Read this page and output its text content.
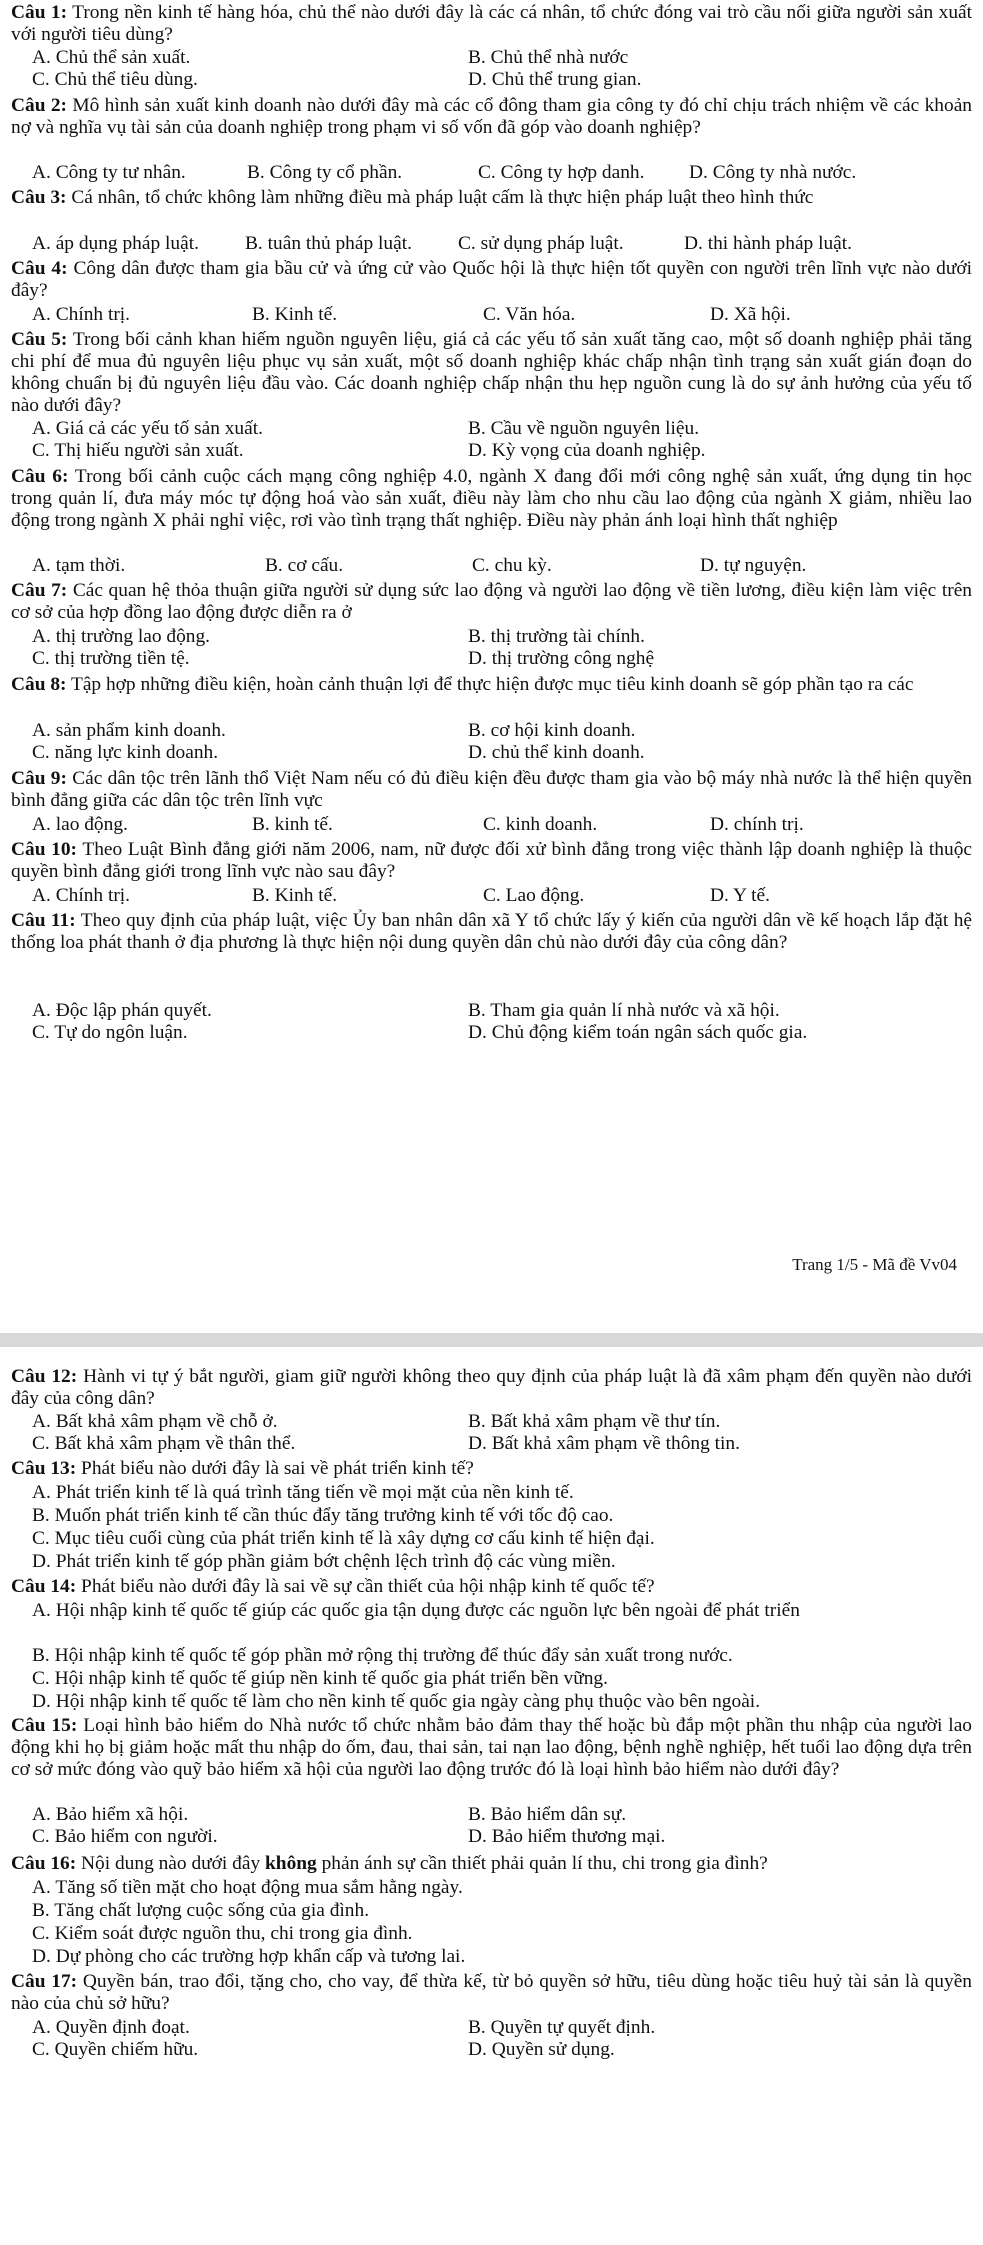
Câu 1: Trong nền kinh tế hàng hóa, chủ thể nào dưới đây là các cá nhân, tổ chức đóng vai trò cầu nối giữa người sản xuất với người tiêu dùng?
A. Chủ thể sản xuất.	B. Chủ thể nhà nước
C. Chủ thể tiêu dùng.	D. Chủ thể trung gian.
Câu 2: Mô hình sản xuất kinh doanh nào dưới đây mà các cổ đông tham gia công ty đó chỉ chịu trách nhiệm về các khoản nợ và nghĩa vụ tài sản của doanh nghiệp trong phạm vi số vốn đã góp vào doanh nghiệp?
A. Công ty tư nhân.	B. Công ty cổ phần.	C. Công ty hợp danh. D. Công ty nhà nước.
Câu 3: Cá nhân, tổ chức không làm những điều mà pháp luật cấm là thực hiện pháp luật theo hình thức
A. áp dụng pháp luật. B. tuân thủ pháp luật. C. sử dụng pháp luật.	D. thi hành pháp luật.
Câu 4: Công dân được tham gia bầu cử và ứng cử vào Quốc hội là thực hiện tốt quyền con người trên lĩnh vực nào dưới đây?
A. Chính trị.	B. Kinh tế.	C. Văn hóa.	D. Xã hội.
Câu 5: Trong bối cảnh khan hiếm nguồn nguyên liệu, giá cả các yếu tố sản xuất tăng cao, một số doanh nghiệp phải tăng chi phí để mua đủ nguyên liệu phục vụ sản xuất, một số doanh nghiệp khác chấp nhận tình trạng sản xuất gián đoạn do không chuẩn bị đủ nguyên liệu đầu vào. Các doanh nghiệp chấp nhận thu hẹp nguồn cung là do sự ảnh hưởng của yếu tố nào dưới đây?
A. Giá cả các yếu tố sản xuất.	B. Cầu về nguồn nguyên liệu.
C. Thị hiếu người sản xuất.	D. Kỳ vọng của doanh nghiệp.
Câu 6: Trong bối cảnh cuộc cách mạng công nghiệp 4.0, ngành X đang đổi mới công nghệ sản xuất, ứng dụng tin học trong quản lí, đưa máy móc tự động hoá vào sản xuất, điều này làm cho nhu cầu lao động của ngành X giảm, nhiều lao động trong ngành X phải nghỉ việc, rơi vào tình trạng thất nghiệp. Điều này phản ánh loại hình thất nghiệp
A. tạm thời.	B. cơ cấu.	C. chu kỳ.	D. tự nguyện.
Câu 7: Các quan hệ thỏa thuận giữa người sử dụng sức lao động và người lao động về tiền lương, điều kiện làm việc trên cơ sở của hợp đồng lao động được diễn ra ở
A. thị trường lao động.	B. thị trường tài chính.
C. thị trường tiền tệ.	D. thị trường công nghệ
Câu 8: Tập hợp những điều kiện, hoàn cảnh thuận lợi để thực hiện được mục tiêu kinh doanh sẽ góp phần tạo ra các
A. sản phẩm kinh doanh.	B. cơ hội kinh doanh.
C. năng lực kinh doanh.	D. chủ thể kinh doanh.
Câu 9: Các dân tộc trên lãnh thổ Việt Nam nếu có đủ điều kiện đều được tham gia vào bộ máy nhà nước là thể hiện quyền bình đẳng giữa các dân tộc trên lĩnh vực
A. lao động.	B. kinh tế.	C. kinh doanh.	D. chính trị.
Câu 10: Theo Luật Bình đẳng giới năm 2006, nam, nữ được đối xử bình đẳng trong việc thành lập doanh nghiệp là thuộc quyền bình đẳng giới trong lĩnh vực nào sau đây?
A. Chính trị.	B. Kinh tế.	C. Lao động.	D. Y tế.
Câu 11: Theo quy định của pháp luật, việc Ủy ban nhân dân xã Y tổ chức lấy ý kiến của người dân về kế hoạch lắp đặt hệ thống loa phát thanh ở địa phương là thực hiện nội dung quyền dân chủ nào dưới đây của công dân?
A. Độc lập phán quyết.	B. Tham gia quản lí nhà nước và xã hội.
C. Tự do ngôn luận.	D. Chủ động kiểm toán ngân sách quốc gia.
Trang 1/5 - Mã đề Vv04
Câu 12: Hành vi tự ý bắt người, giam giữ người không theo quy định của pháp luật là đã xâm phạm đến quyền nào dưới đây của công dân?
A. Bất khả xâm phạm về chỗ ở.	B. Bất khả xâm phạm về thư tín.
C. Bất khả xâm phạm về thân thể.	D. Bất khả xâm phạm về thông tin.
Câu 13: Phát biểu nào dưới đây là sai về phát triển kinh tế?
A. Phát triển kinh tế là quá trình tăng tiến về mọi mặt của nền kinh tế.
B. Muốn phát triển kinh tế cần thúc đẩy tăng trưởng kinh tế với tốc độ cao.
C. Mục tiêu cuối cùng của phát triển kinh tế là xây dựng cơ cấu kinh tế hiện đại.
D. Phát triển kinh tế góp phần giảm bớt chệnh lệch trình độ các vùng miền.
Câu 14: Phát biểu nào dưới đây là sai về sự cần thiết của hội nhập kinh tế quốc tế?
A. Hội nhập kinh tế quốc tế giúp các quốc gia tận dụng được các nguồn lực bên ngoài để phát triển
B. Hội nhập kinh tế quốc tế góp phần mở rộng thị trường để thúc đẩy sản xuất trong nước.
C. Hội nhập kinh tế quốc tế giúp nền kinh tế quốc gia phát triển bền vững.
D. Hội nhập kinh tế quốc tế làm cho nền kinh tế quốc gia ngày càng phụ thuộc vào bên ngoài.
Câu 15: Loại hình bảo hiểm do Nhà nước tổ chức nhằm bảo đảm thay thế hoặc bù đắp một phần thu nhập của người lao động khi họ bị giảm hoặc mất thu nhập do ốm, đau, thai sản, tai nạn lao động, bệnh nghề nghiệp, hết tuổi lao động dựa trên cơ sở mức đóng vào quỹ bảo hiểm xã hội của người lao động trước đó là loại hình bảo hiểm nào dưới đây?
A. Bảo hiểm xã hội.	B. Bảo hiểm dân sự.
C. Bảo hiểm con người.	D. Bảo hiểm thương mại.
Câu 16: Nội dung nào dưới đây không phản ánh sự cần thiết phải quản lí thu, chi trong gia đình?
A. Tăng số tiền mặt cho hoạt động mua sắm hằng ngày.
B. Tăng chất lượng cuộc sống của gia đình.
C. Kiểm soát được nguồn thu, chi trong gia đình.
D. Dự phòng cho các trường hợp khẩn cấp và tương lai.
Câu 17: Quyền bán, trao đổi, tặng cho, cho vay, để thừa kế, từ bỏ quyền sở hữu, tiêu dùng hoặc tiêu huỷ tài sản là quyền nào của chủ sở hữu?
A. Quyền định đoạt.	B. Quyền tự quyết định.
C. Quyền chiếm hữu.	D. Quyền sử dụng.
